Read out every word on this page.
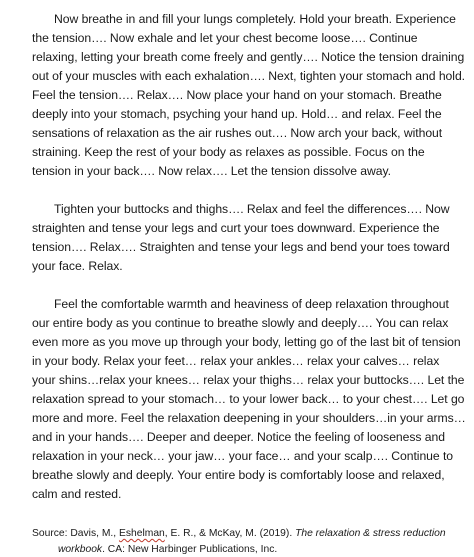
Now breathe in and fill your lungs completely. Hold your breath. Experience the tension…. Now exhale and let your chest become loose…. Continue relaxing, letting your breath come freely and gently…. Notice the tension draining out of your muscles with each exhalation…. Next, tighten your stomach and hold. Feel the tension…. Relax…. Now place your hand on your stomach. Breathe deeply into your stomach, psyching your hand up. Hold… and relax. Feel the sensations of relaxation as the air rushes out…. Now arch your back, without straining. Keep the rest of your body as relaxes as possible. Focus on the tension in your back…. Now relax…. Let the tension dissolve away.

Tighten your buttocks and thighs…. Relax and feel the differences…. Now straighten and tense your legs and curt your toes downward. Experience the tension…. Relax…. Straighten and tense your legs and bend your toes toward your face. Relax.

Feel the comfortable warmth and heaviness of deep relaxation throughout our entire body as you continue to breathe slowly and deeply…. You can relax even more as you move up through your body, letting go of the last bit of tension in your body. Relax your feet… relax your ankles… relax your calves… relax your shins…relax your knees… relax your thighs… relax your buttocks…. Let the relaxation spread to your stomach… to your lower back… to your chest…. Let go more and more. Feel the relaxation deepening in your shoulders…in your arms… and in your hands…. Deeper and deeper. Notice the feeling of looseness and relaxation in your neck… your jaw… your face… and your scalp…. Continue to breathe slowly and deeply. Your entire body is comfortably loose and relaxed, calm and rested.

Source: Davis, M., Eshelman, E. R., & McKay, M. (2019). The relaxation & stress reduction
workbook. CA: New Harbinger Publications, Inc.
